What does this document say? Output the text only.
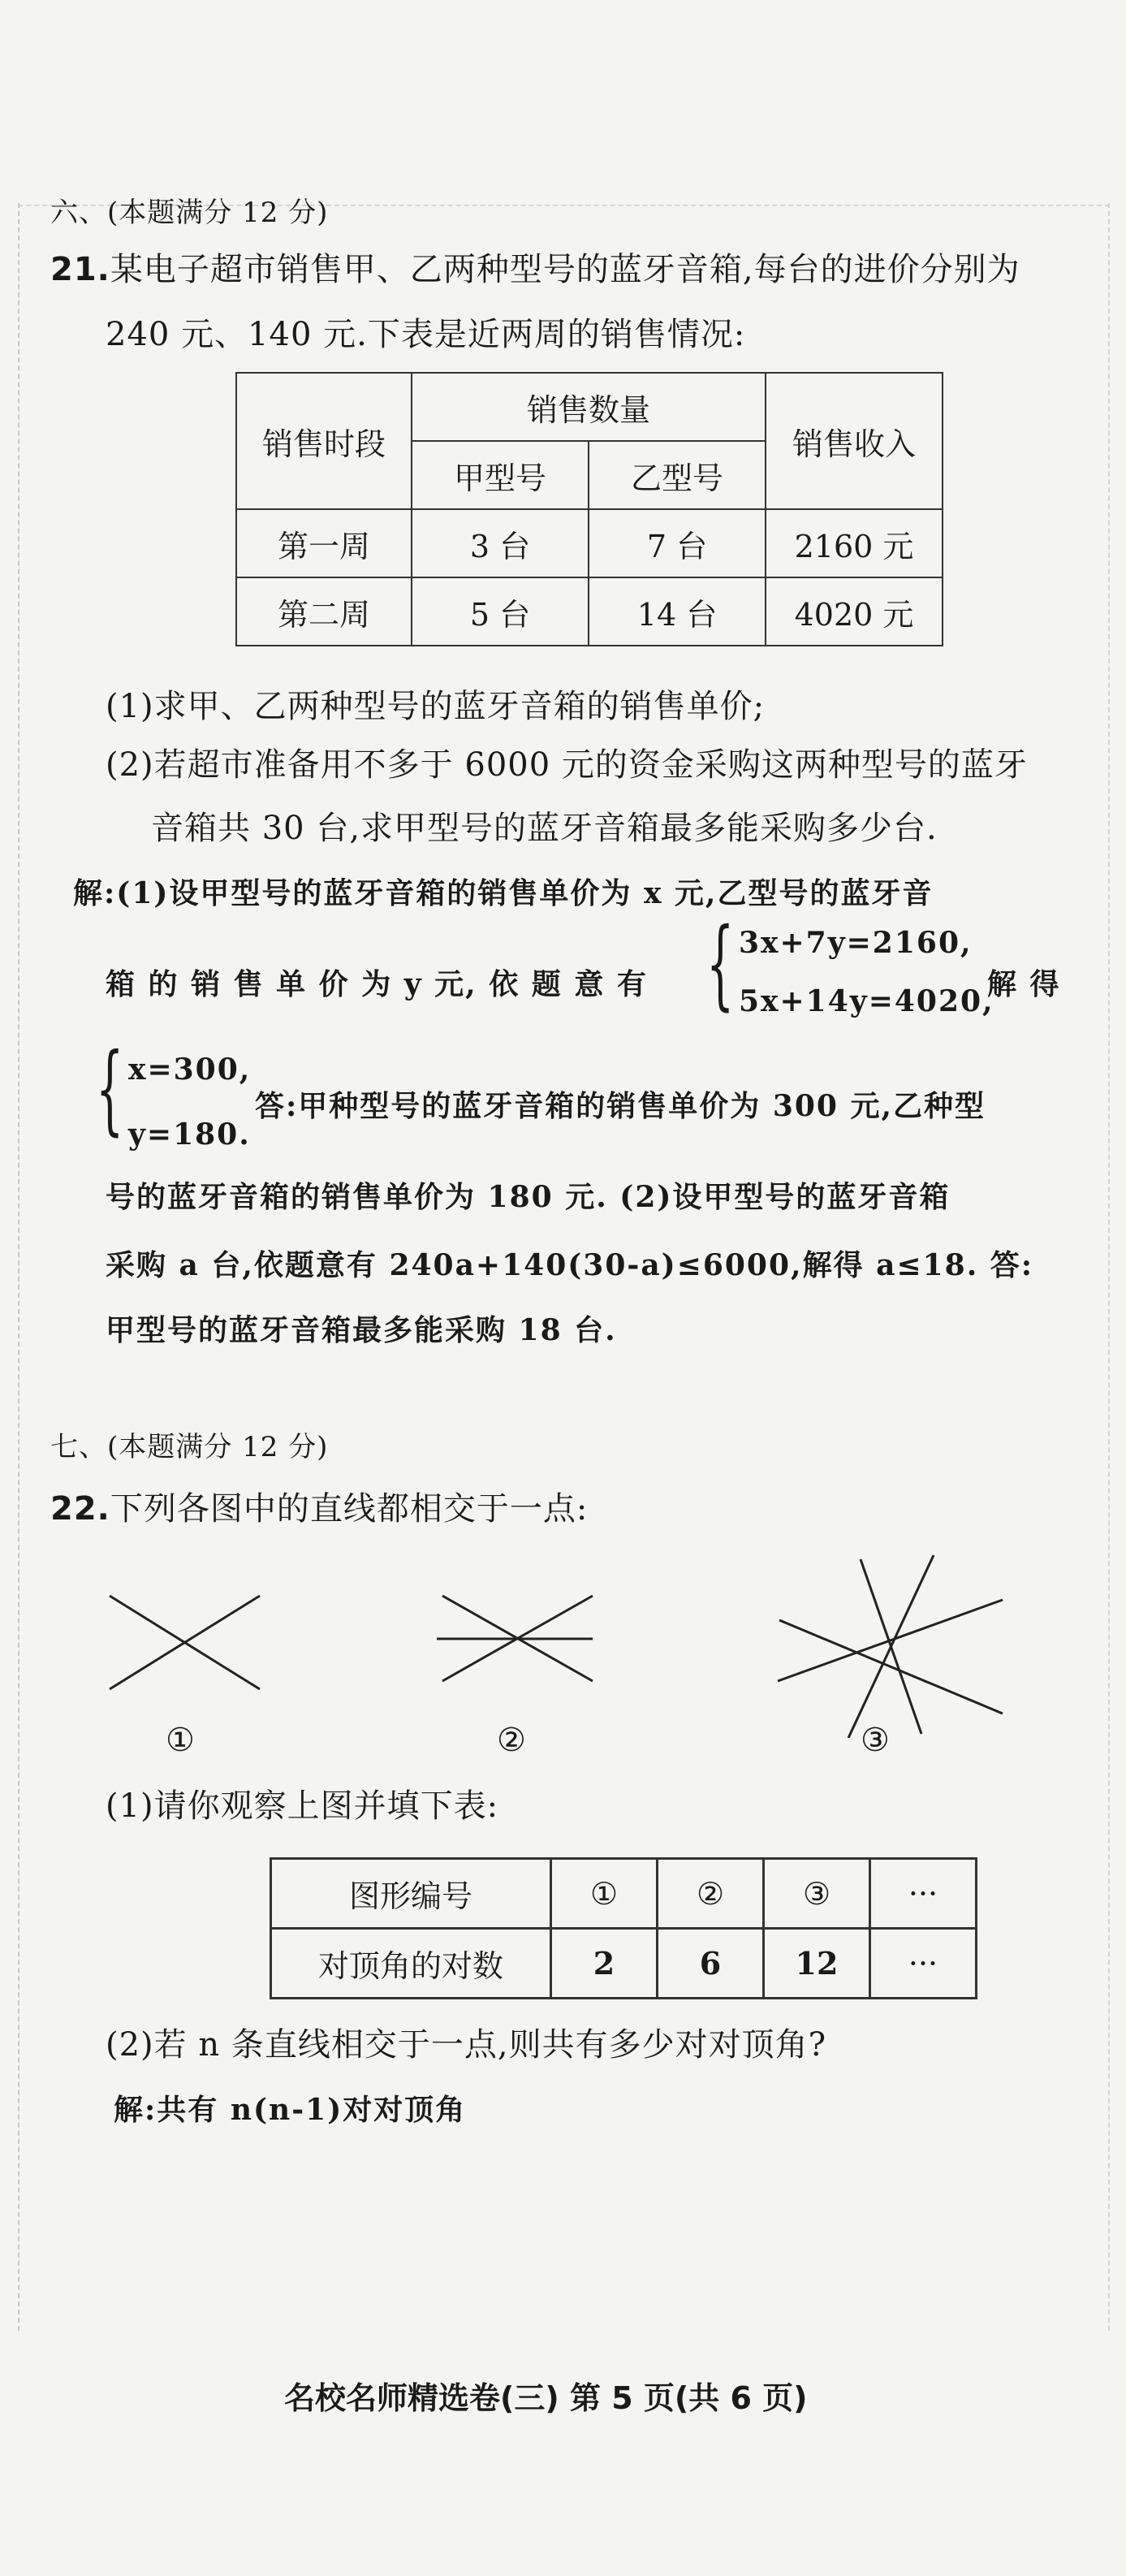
六、(本题满分 12 分)
21.某电子超市销售甲、乙两种型号的蓝牙音箱,每台的进价分别为
240 元、140 元.下表是近两周的销售情况:
销售时段	销售数量		销售收入
	甲型号	乙型号	
第一周	3 台	7 台	2160 元
第二周	5 台	14 台	4020 元
(1)求甲、乙两种型号的蓝牙音箱的销售单价;
(2)若超市准备用不多于 6000 元的资金采购这两种型号的蓝牙
音箱共 30 台,求甲型号的蓝牙音箱最多能采购多少台.
解:(1)设甲型号的蓝牙音箱的销售单价为 x 元,乙型号的蓝牙音
箱 的 销 售 单 价 为 y 元, 依 题 意 有 { 3x+7y=2160,
5x+14y=4020,
解 得
{ x=300,
y=180.
答:甲种型号的蓝牙音箱的销售单价为 300 元,乙种型
号的蓝牙音箱的销售单价为 180 元. (2)设甲型号的蓝牙音箱
采购 a 台,依题意有 240a+140(30-a)≤6000,解得 a≤18. 答:
甲型号的蓝牙音箱最多能采购 18 台.
七、(本题满分 12 分)
22.下列各图中的直线都相交于一点:
①	②	③
(1)请你观察上图并填下表:
图形编号	①	②	③	···
对顶角的对数	2	6	12	···
(2)若 n 条直线相交于一点,则共有多少对对顶角?
解:共有 n(n-1)对对顶角
名校名师精选卷(三) 第 5 页(共 6 页)
